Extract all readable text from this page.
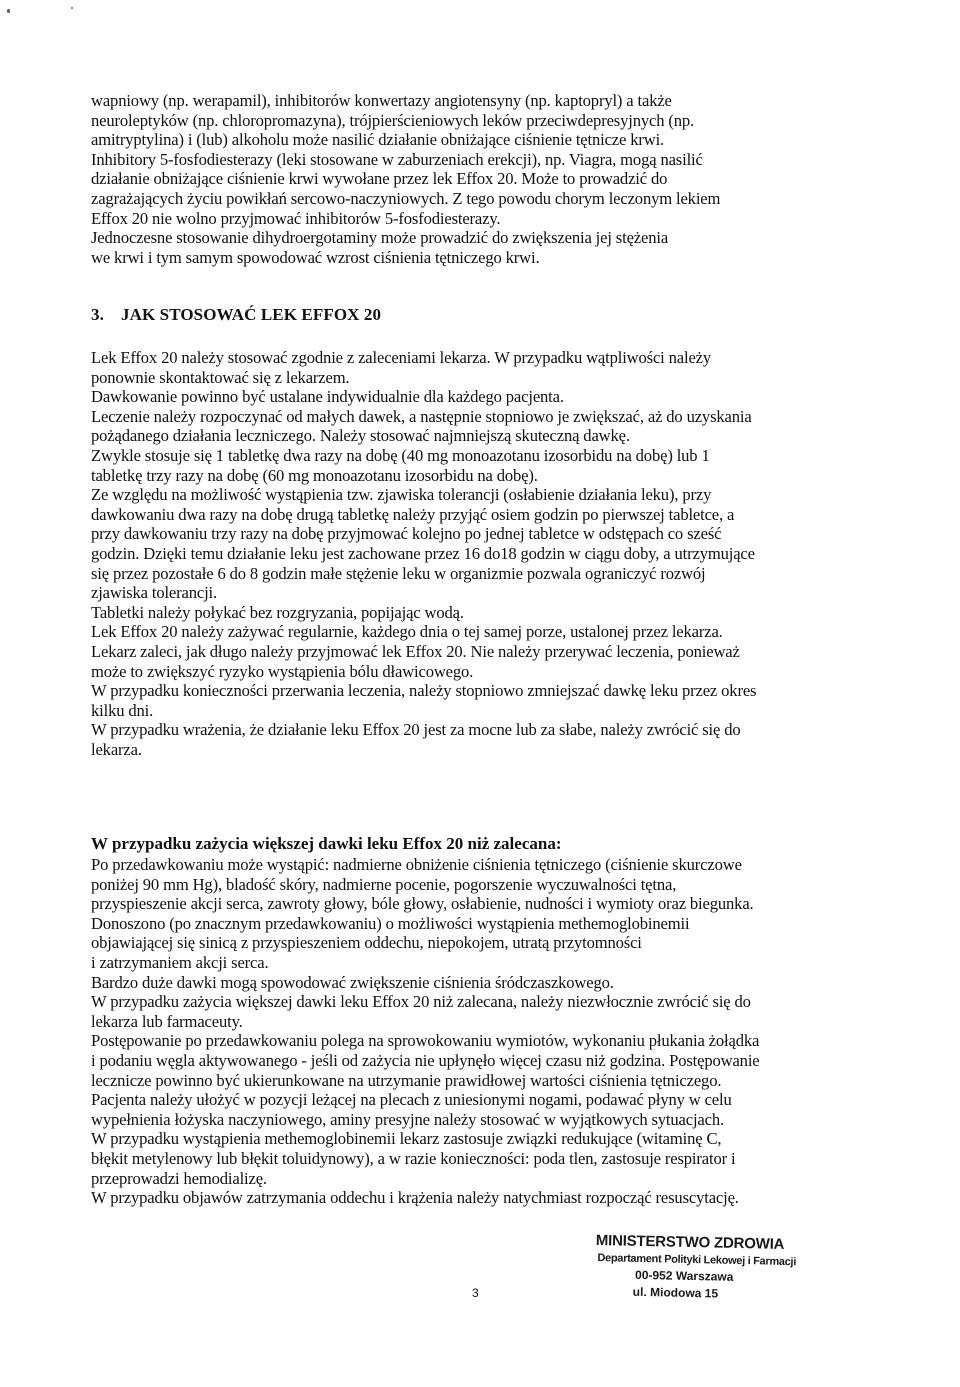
wapniowy (np. werapamil), inhibitorów konwertazy angiotensyny (np. kaptopryl) a także
neuroleptyków (np. chloropromazyna), trójpierścieniowych leków przeciwdepresyjnych (np.
amitryptylina) i (lub) alkoholu może nasilić działanie obniżające ciśnienie tętnicze krwi.
Inhibitory 5-fosfodiesterazy (leki stosowane w zaburzeniach erekcji), np. Viagra, mogą nasilić
działanie obniżające ciśnienie krwi wywołane przez lek Effox 20. Może to prowadzić do
zagrażających życiu powikłań sercowo-naczyniowych. Z tego powodu chorym leczonym lekiem
Effox 20 nie wolno przyjmować inhibitorów 5-fosfodiesterazy.
Jednoczesne stosowanie dihydroergotaminy może prowadzić do zwiększenia jej stężenia
we krwi i tym samym spowodować wzrost ciśnienia tętniczego krwi.
3. JAK STOSOWAĆ LEK EFFOX 20
Lek Effox 20 należy stosować zgodnie z zaleceniami lekarza. W przypadku wątpliwości należy
ponownie skontaktować się z lekarzem.
Dawkowanie powinno być ustalane indywidualnie dla każdego pacjenta.
Leczenie należy rozpoczynać od małych dawek, a następnie stopniowo je zwiększać, aż do uzyskania
pożądanego działania leczniczego. Należy stosować najmniejszą skuteczną dawkę.
Zwykle stosuje się 1 tabletkę dwa razy na dobę (40 mg monoazotanu izosorbidu na dobę) lub 1
tabletkę trzy razy na dobę (60 mg monoazotanu izosorbidu na dobę).
Ze względu na możliwość wystąpienia tzw. zjawiska tolerancji (osłabienie działania leku), przy
dawkowaniu dwa razy na dobę drugą tabletkę należy przyjąć osiem godzin po pierwszej tabletce, a
przy dawkowaniu trzy razy na dobę przyjmować kolejno po jednej tabletce w odstępach co sześć
godzin. Dzięki temu działanie leku jest zachowane przez 16 do18 godzin w ciągu doby, a utrzymujące
się przez pozostałe 6 do 8 godzin małe stężenie leku w organizmie pozwala ograniczyć rozwój
zjawiska tolerancji.
Tabletki należy połykać bez rozgryzania, popijając wodą.
Lek Effox 20 należy zażywać regularnie, każdego dnia o tej samej porze, ustalonej przez lekarza.
Lekarz zaleci, jak długo należy przyjmować lek Effox 20. Nie należy przerywać leczenia, ponieważ
może to zwiększyć ryzyko wystąpienia bólu dławicowego.
W przypadku konieczności przerwania leczenia, należy stopniowo zmniejszać dawkę leku przez okres
kilku dni.
W przypadku wrażenia, że działanie leku Effox 20 jest za mocne lub za słabe, należy zwrócić się do
lekarza.
W przypadku zażycia większej dawki leku Effox 20 niż zalecana:
Po przedawkowaniu może wystąpić: nadmierne obniżenie ciśnienia tętniczego (ciśnienie skurczowe
poniżej 90 mm Hg), bladość skóry, nadmierne pocenie, pogorszenie wyczuwalności tętna,
przyspieszenie akcji serca, zawroty głowy, bóle głowy, osłabienie, nudności i wymioty oraz biegunka.
Donoszono (po znacznym przedawkowaniu) o możliwości wystąpienia methemoglobinemii
objawiającej się sinicą z przyspieszeniem oddechu, niepokojem, utratą przytomności
i zatrzymaniem akcji serca.
Bardzo duże dawki mogą spowodować zwiększenie ciśnienia śródczaszkowego.
W przypadku zażycia większej dawki leku Effox 20 niż zalecana, należy niezwłocznie zwrócić się do
lekarza lub farmaceuty.
Postępowanie po przedawkowaniu polega na sprowokowaniu wymiotów, wykonaniu płukania żołądka
i podaniu węgla aktywowanego - jeśli od zażycia nie upłynęło więcej czasu niż godzina. Postępowanie
lecznicze powinno być ukierunkowane na utrzymanie prawidłowej wartości ciśnienia tętniczego.
Pacjenta należy ułożyć w pozycji leżącej na plecach z uniesionymi nogami, podawać płyny w celu
wypełnienia łożyska naczyniowego, aminy presyjne należy stosować w wyjątkowych sytuacjach.
W przypadku wystąpienia methemoglobinemii lekarz zastosuje związki redukujące (witaminę C,
błękit metylenowy lub błękit toluidynowy), a w razie konieczności: poda tlen, zastosuje respirator i
przeprowadzi hemodializę.
W przypadku objawów zatrzymania oddechu i krążenia należy natychmiast rozpocząć resuscytację.
3
MINISTERSTWO ZDROWIA
Departament Polityki Lekowej i Farmacji
00-952 Warszawa
ul. Miodowa 15
